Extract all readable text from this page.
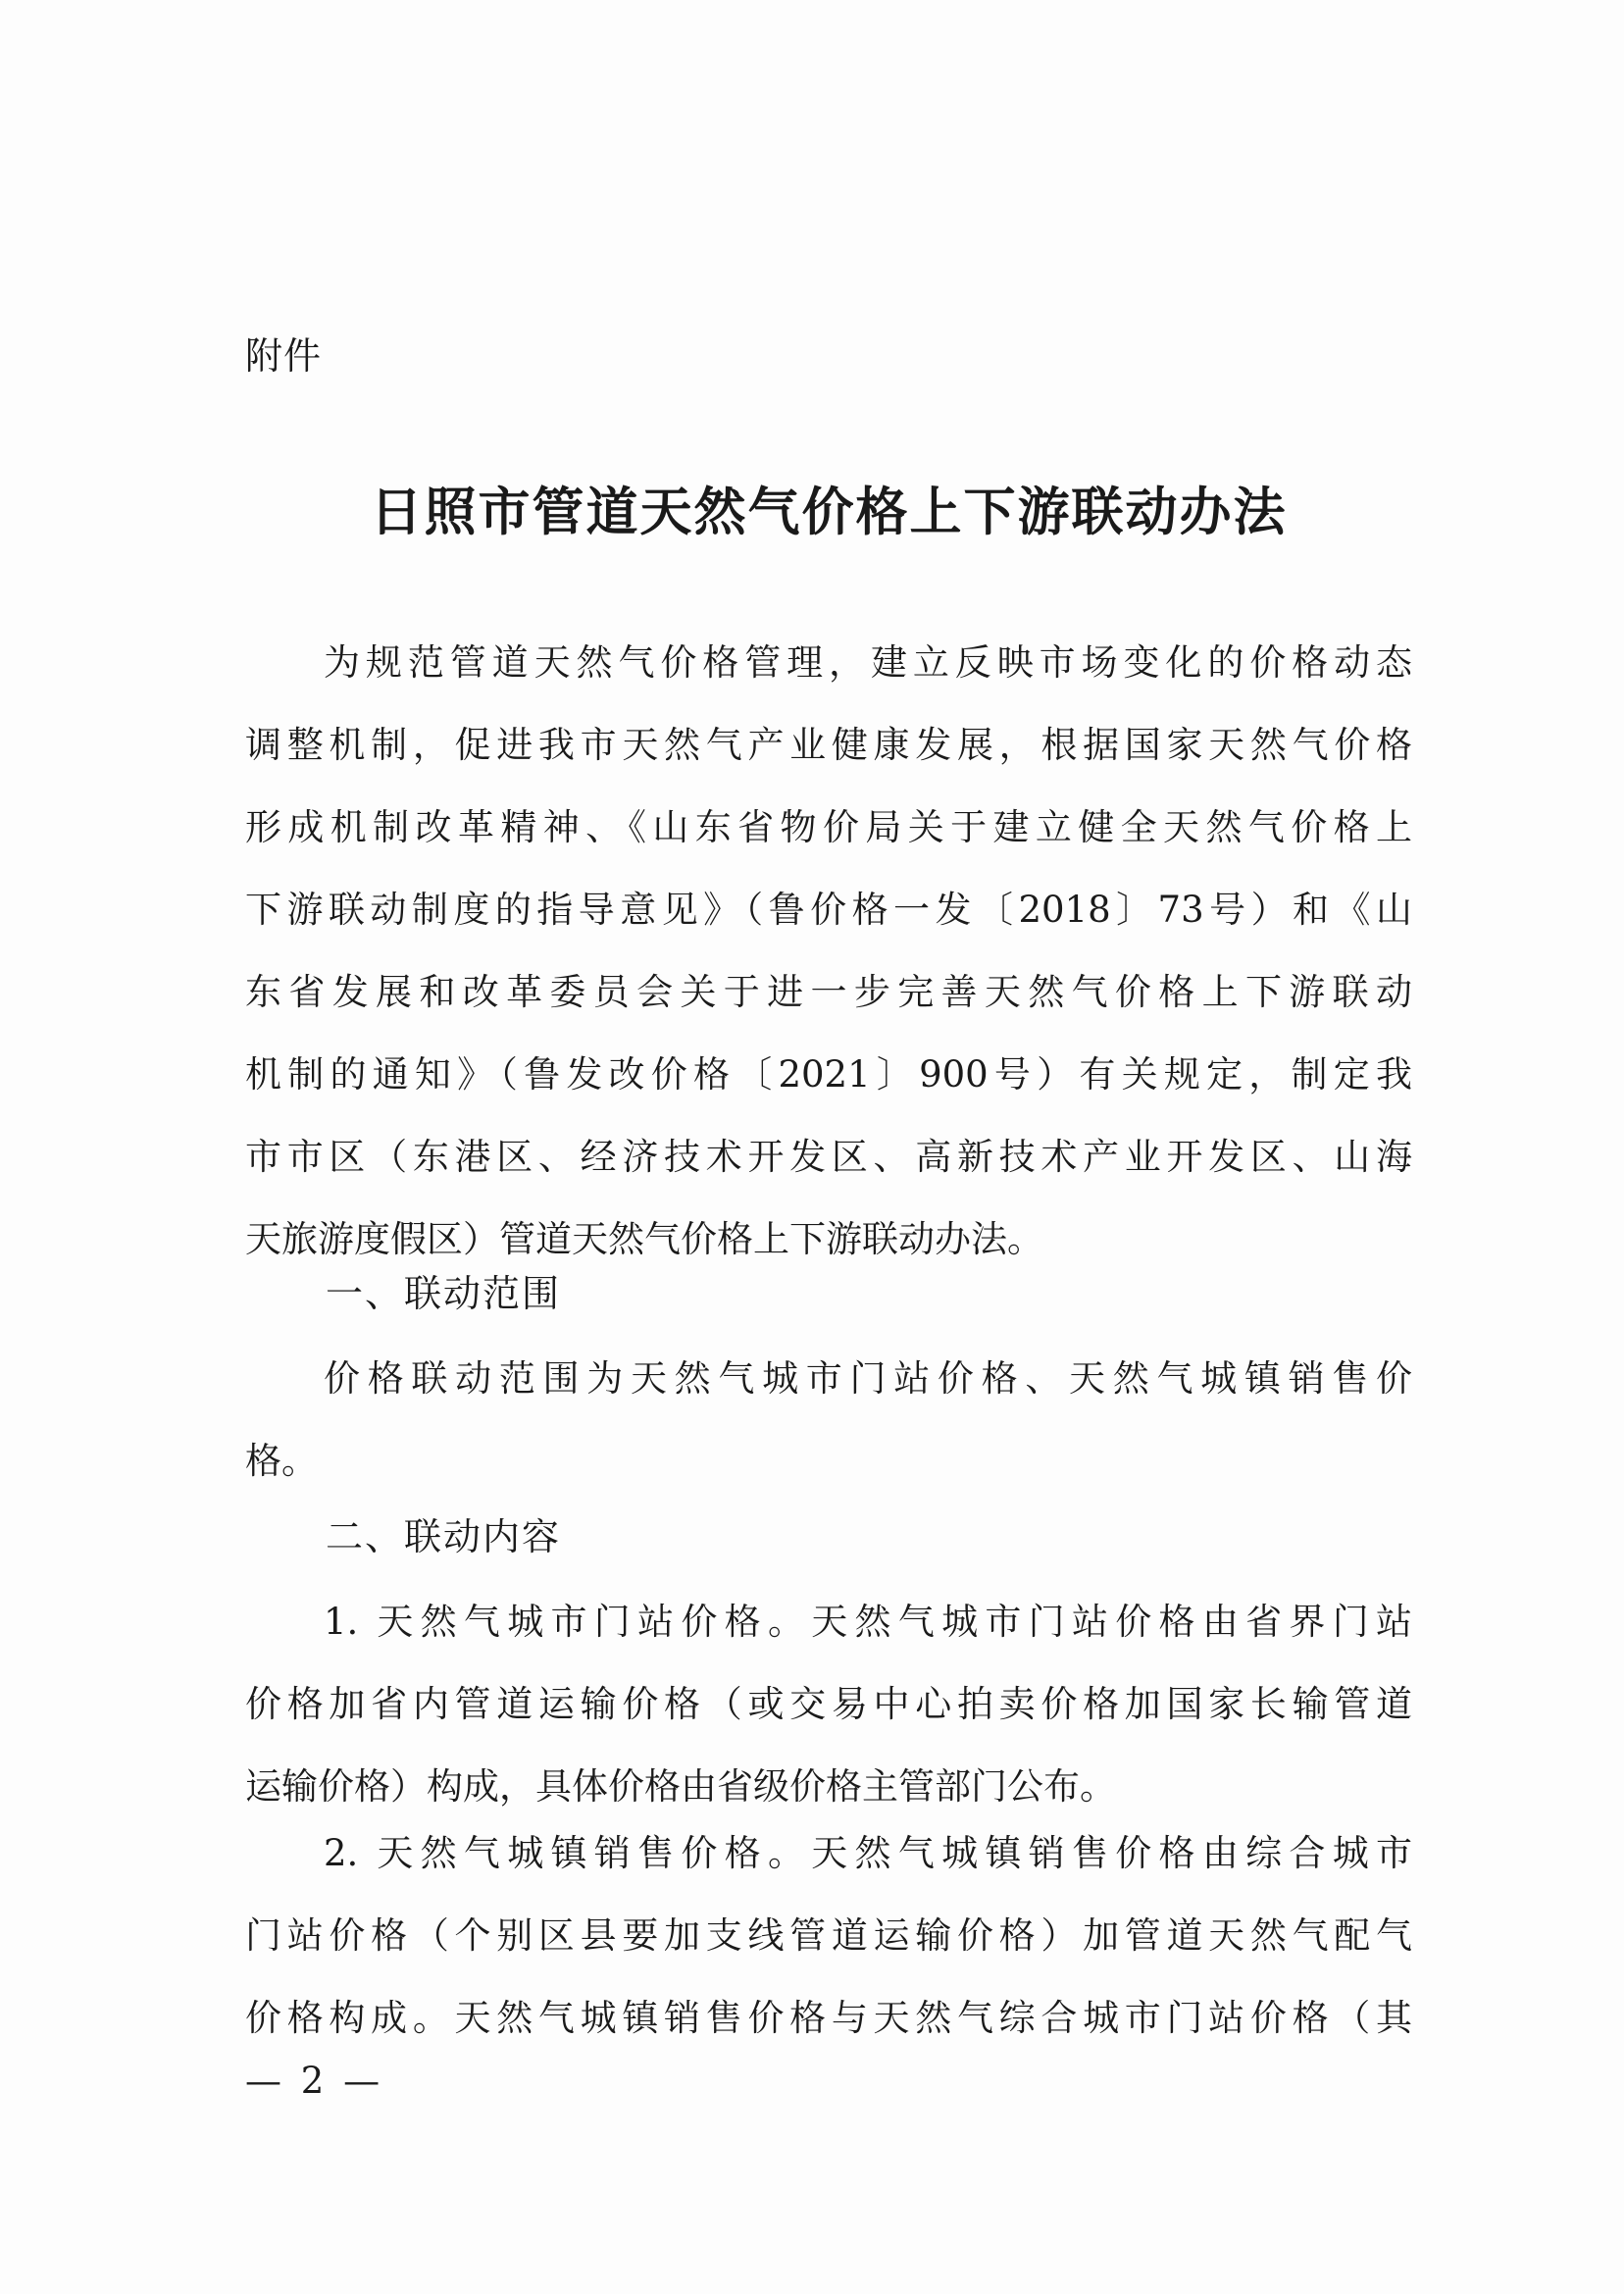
附件
日照市管道天然气价格上下游联动办法
为规范管道天然气价格管理，建立反映市场变化的价格动态
调整机制，促进我市天然气产业健康发展，根据国家天然气价格
形成机制改革精神、《山东省物价局关于建立健全天然气价格上
下游联动制度的指导意见》（鲁价格一发〔2018〕73号）和《山
东省发展和改革委员会关于进一步完善天然气价格上下游联动
机制的通知》（鲁发改价格〔2021〕900号）有关规定，制定我
市市区（东港区、经济技术开发区、高新技术产业开发区、山海
天旅游度假区）管道天然气价格上下游联动办法。
一、联动范围
价格联动范围为天然气城市门站价格、天然气城镇销售价
格。
二、联动内容
1. 天然气城市门站价格。天然气城市门站价格由省界门站
价格加省内管道运输价格（或交易中心拍卖价格加国家长输管道
运输价格）构成，具体价格由省级价格主管部门公布。
2. 天然气城镇销售价格。天然气城镇销售价格由综合城市
门站价格（个别区县要加支线管道运输价格）加管道天然气配气
价格构成。天然气城镇销售价格与天然气综合城市门站价格（其
— 2 —
